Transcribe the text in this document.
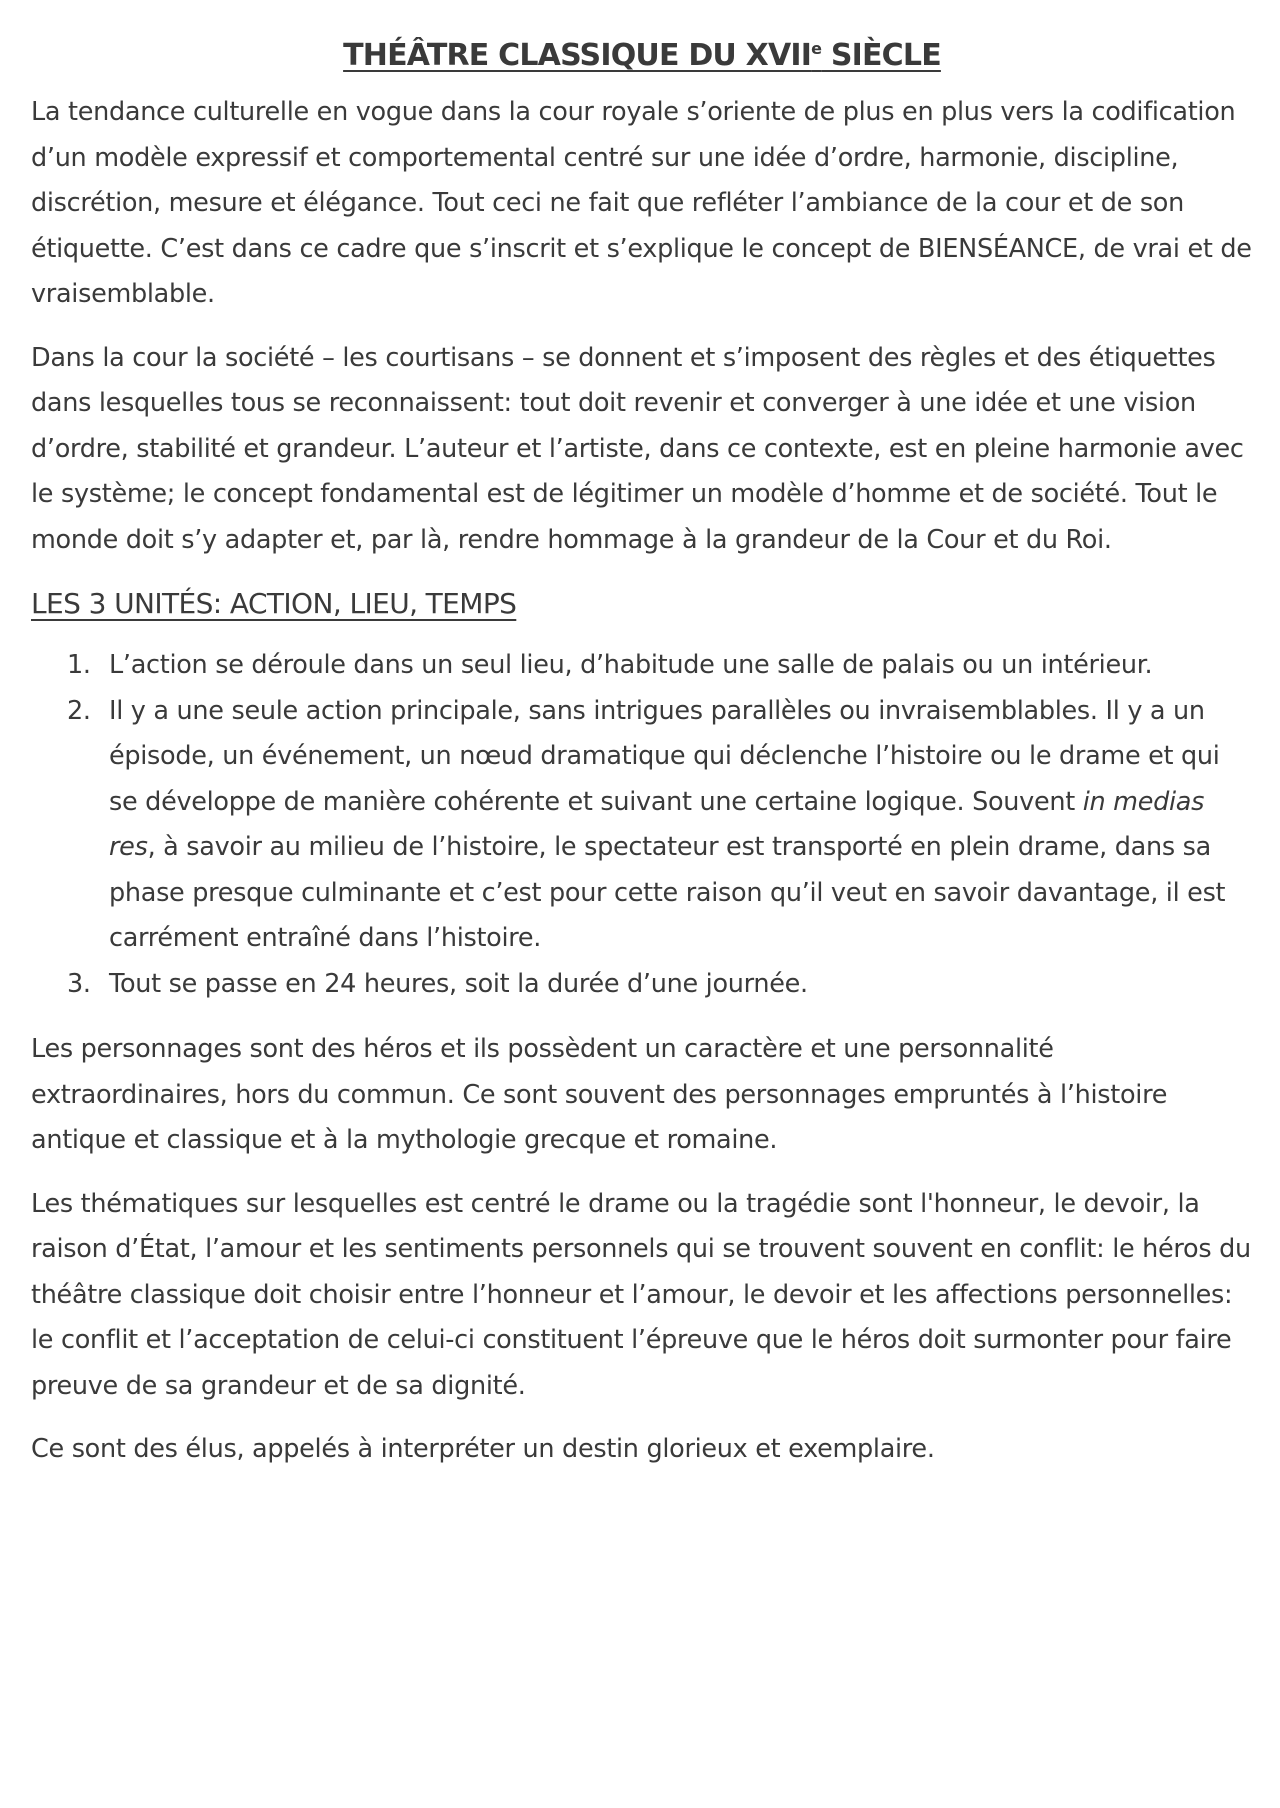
THÉÂTRE CLASSIQUE DU XVIIe SIÈCLE

La tendance culturelle en vogue dans la cour royale s’oriente de plus en plus vers la codification d’un modèle expressif et comportemental centré sur une idée d’ordre, harmonie, discipline, discrétion, mesure et élégance. Tout ceci ne fait que refléter l’ambiance de la cour et de son étiquette. C’est dans ce cadre que s’inscrit et s’explique le concept de BIENSÉANCE, de vrai et de vraisemblable.

Dans la cour la société – les courtisans – se donnent et s’imposent des règles et des étiquettes dans lesquelles tous se reconnaissent: tout doit revenir et converger à une idée et une vision d’ordre, stabilité et grandeur. L’auteur et l’artiste, dans ce contexte, est en pleine harmonie avec le système; le concept fondamental est de légitimer un modèle d’homme et de société. Tout le monde doit s’y adapter et, par là, rendre hommage à la grandeur de la Cour et du Roi.

LES 3 UNITÉS: ACTION, LIEU, TEMPS
1. L’action se déroule dans un seul lieu, d’habitude une salle de palais ou un intérieur.
2. Il y a une seule action principale, sans intrigues parallèles ou invraisemblables. Il y a un épisode, un événement, un nœud dramatique qui déclenche l’histoire ou le drame et qui se développe de manière cohérente et suivant une certaine logique. Souvent in medias res, à savoir au milieu de l’histoire, le spectateur est transporté en plein drame, dans sa phase presque culminante et c’est pour cette raison qu’il veut en savoir davantage, il est carrément entraîné dans l’histoire.
3. Tout se passe en 24 heures, soit la durée d’une journée.

Les personnages sont des héros et ils possèdent un caractère et une personnalité extraordinaires, hors du commun. Ce sont souvent des personnages empruntés à l’histoire antique et classique et à la mythologie grecque et romaine.

Les thématiques sur lesquelles est centré le drame ou la tragédie sont l'honneur, le devoir, la raison d’État, l’amour et les sentiments personnels qui se trouvent souvent en conflit: le héros du théâtre classique doit choisir entre l’honneur et l’amour, le devoir et les affections personnelles: le conflit et l’acceptation de celui-ci constituent l’épreuve que le héros doit surmonter pour faire preuve de sa grandeur et de sa dignité.

Ce sont des élus, appelés à interpréter un destin glorieux et exemplaire.
